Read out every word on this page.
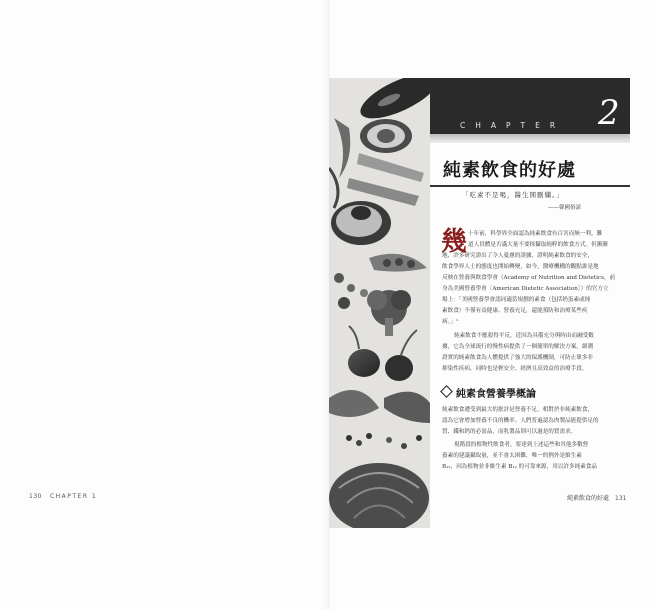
130 CHAPTER 1
CHAPTER 2
純素飲食的好處
「吃素不是喝，醫生開刪爛。」
——韓國俗諺
幾 十年前，科學界全面認為純素飲食有百害而無一利，難
道人員體是否滿大量不要探攝取純粹的飲食方式。但漸漸
地，許多研究證出了令人憂慮的證據，證明純素飲食的安全，
飲食學界人士的態度也開始轉變，如今，醫療機構的觀點誰是地
反映在營養與飲食學會（Academy of Nutrition and Dietetics，前
身為美國營養學會〔American Dietetic Association〕）的官方立
場上：「美國營養學會認同適當規劃的素食（包括奶蛋素或純
素飲食）不僅有益健康、營養充足，還能預防和治療某些疾
病。」¹
純素飲食不應殺得平反，近因為具備充分與時由而融受數
據，它為全球流行的慢性病提供了一個簡單的解決方案，細潤
證實的純素飲食為人體提供了強大的保護機制，可防止眾多非
抑染性疾病，同時也是輕安全、經濟且高效益的治療手段。
純素食營養學概論
純素飲食遭受到最大的批評是營養不足，相對於非純素飲食，
認為它會增加營養不良的機率。人們普遍認為肉製品能提供足的
質、鐵和鈣的必需品，而乳製品則可以過是的質需求。
現階段的植物性飲食者，要達到上述這些和其他多數營
養素的建議攝取量，並不會太困難，唯一的例外是維生素
B₁₂，因為植物並非維生素 B₁₂ 的可靠來源，用以許多純素食品
純素飲食的好處 131
